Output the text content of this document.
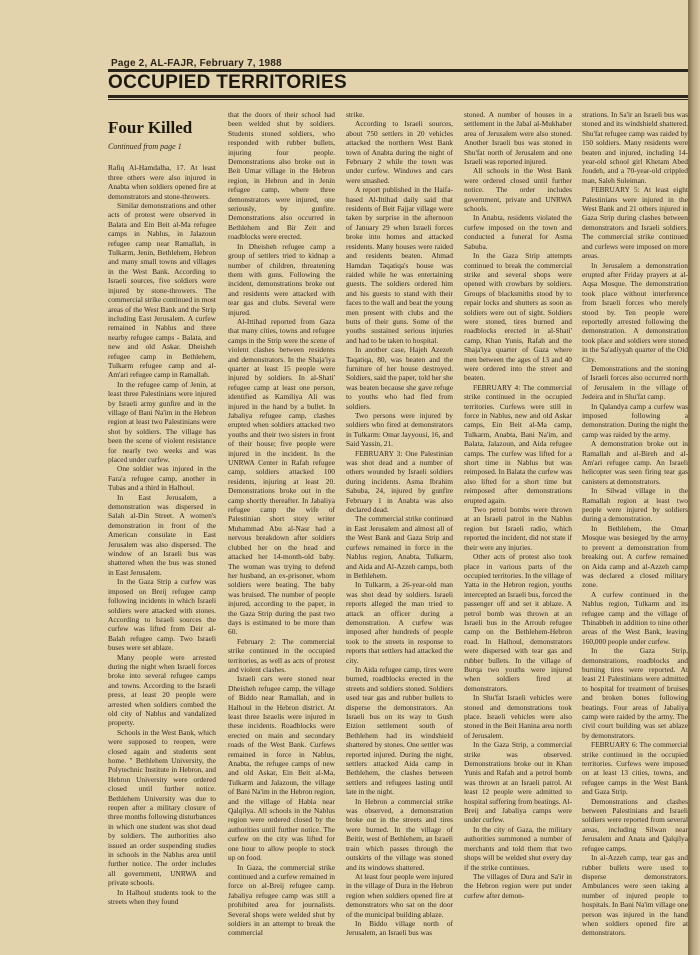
Page 2, AL-FAJR, February 7, 1988
OCCUPIED TERRITORIES
Four Killed
Continued from page 1

Rafiq Al-Hamdalha, 17. At least three others were also injured in Anabta when soldiers opened fire at demonstrators and stone-throwers.

Similar demonstrations and other acts of protest were observed in Balata and Ein Beit al-Ma refugee camps in Nablus, in Jalazoun refugee camp near Ramallah, in Tulkarm, Jenin, Bethlehem, Hebron and many small towns and villages in the West Bank. According to Israeli sources, five soldiers were injured by stone-throwers. The commercial strike continued in most areas of the West Bank and the Strip including East Jerusalem. A curfew remained in Nablus and three nearby refugee camps - Balata, and new and old Askar. Dheisheh refugee camp in Bethlehem, Tulkarm refugee camp and al-Am'ari refugee camp in Ramallah.

In the refugee camp of Jenin, at least three Palestinians were injured by Israeli army gunfire and in the village of Bani Na'im in the Hebron region at least two Palestinians were shot by soldiers. The village has been the scene of violent resistance for nearly two weeks and was placed under curfew.

One soldier was injured in the Fara'a refugee camp, another in Tubas and a third in Halhoul.

In East Jerusalem, a demonstration was dispersed in Salah al-Din Street. A women's demonstration in front of the American consulate in East Jerusalem was also dispersed. The window of an Israeli bus was shattered when the bus was stoned in East Jerusalem.

In the Gaza Strip a curfew was imposed on Breij refugee camp following incidents in which Israeli soldiers were attacked with stones. According to Israeli sources the curfew was lifted from Deir al-Balah refugee camp. Two Israeli buses were set ablaze.

Many people were arrested during the night when Israeli forces broke into several refugee camps and towns. According to the Israeli press, at least 20 people were arrested when soldiers combed the old city of Nablus and vandalized property.

Schools in the West Bank, which were supposed to reopen, were closed again and students sent home. " Bethlehem University, the Polytechnic Institute in Hebron, and Hebron University were ordered closed until further notice. Bethlehem University was due to reopen after a military closure of three months following disturbances in which one student was shot dead by soldiers. The authorities also issued an order suspending studies in schools in the Nablus area until further notice. The order includes all government, UNRWA and private schools.

In Halhoul students took to the streets when they found

that the doors of their school had been welded shut by soldiers. Students stoned soldiers, who responded with rubber bullets, injuring four people. Demonstrations also broke out in Beit Umar village in the Hebron region, in Hebron and in Jenin refugee camp, where three demonstrators were injured, one seriously, by gunfire. Demonstrations also occurred in Bethlehem and Bir Zeit and roadblocks were erected.

In Dheisheh refugee camp a group of settlers tried to kidnap a number of children, threatening them with guns. Following the incident, demonstrations broke out and residents were attacked with tear gas and clubs. Several were injured.

Al-Ittihad reported from Gaza that many cities, towns and refugee camps in the Strip were the scene of violent clashes between residents and demonstrators. In the Shaja'iya quarter at least 15 people were injured by soldiers. In al-Shati' refugee camp at least one person, identified as Kamiliya Ali was injured in the hand by a bullet. In Jabaliya refugee camp, clashes erupted when soldiers attacked two youths and their two sisters in front of their house; five people were injured in the incident. In the UNRWA Center in Rafah refugee camp, soldiers attacked 100 residents, injuring at least 20. Demonstrations broke out in the camp shortly thereafter. In Jabaliya refugee camp the wife of Palestinian short story writer Muhammad Abu al-Nasr had a nervous breakdown after soldiers clubbed her on the head and attacked her 14-month-old baby. The woman was trying to defend her husband, an ex-prisoner, whom soldiers were beating. The baby was bruised. The number of people injured, according to the paper, in the Gaza Strip during the past two days is estimated to be more than 60.

February 2: The commercial strike continued in the occupied territories, as well as acts of protest and violent clashes.

Israeli cars were stoned near Dheisheh refugee camp, the village of Biddo near Ramallah, and in Halhoul in the Hebron district. At least three Israelis were injured in these incidents. Roadblocks were erected on main and secondary roads of the West Bank. Curfews remained in force in Nablus, Anabta, the refugee camps of new and old Askar, Ein Beit al-Ma, Tulkarm and Jalazoun, the village of Bani Na'im in the Hebron region, and the village of Habla near Qalqilya. All schools in the Nablus region were ordered closed by the authorities until further notice. The curfew on the city was lifted for one hour to allow people to stock up on food.

In Gaza, the commercial strike continued and a curfew remained in force on al-Breij refugee camp. Jabaliya refugee camp was still a prohibited area for journalists. Several shops were welded shut by soldiers in an attempt to break the commercial

strike.

According to Israeli sources, about 750 settlers in 20 vehicles attacked the northern West Bank town of Anabta during the night of February 2 while the town was under curfew. Windows and cars were smashed.

A report published in the Haifa-based Al-Ittihad daily said that residents of Beit Fajjar village were taken by surprise in the afternoon of January 29 when Israeli forces broke into homes and attacked residents. Many houses were raided and residents beaten. Ahmad Hamdan Taqatiqa's house was raided while he was entertaining guests. The soldiers ordered him and his guests to stand with their faces to the wall and beat the young men present with clubs and the butts of their guns. Some of the youths sustained serious injuries and had to be taken to hospital.

In another case, Hajeh Azezeh Taqatiqa, 80, was beaten and the furniture of her house destroyed. Soldiers, said the paper, told her she was beaten because she gave refuge to youths who had fled from soldiers.

Two persons were injured by soldiers who fired at demonstrators in Tulkarm: Omar Jayyousi, 16, and Said Yassin, 21.

FEBRUARY 3: One Palestinian was shot dead and a number of others wounded by Israeli soldiers during incidents. Asma Ibrahim Sabuba, 24, injured by gunfire February 1 in Anabta was also declared dead.

The commercial strike continued in East Jerusalem and almost all of the West Bank and Gaza Strip and curfews remained in force in the Nablus region, Anabta, Tulkarm, and Aida and Al-Azzeh camps, both in Bethlehem.

In Tulkarm, a 26-year-old man was shot dead by soldiers. Israeli reports alleged the man tried to attack an officer during a demonstration. A curfew was imposed after hundreds of people took to the streets in response to reports that settlers had attacked the city.

In Aida refugee camp, tires were burned, roadblocks erected in the streets and soldiers stoned. Soldiers used tear gas and rubber bullets to disperse the demonstrators. An Israeli bus on its way to Gush Etzion settlement south of Bethlehem had its windshield shattered by stones. One settler was reported injured. During the night, settlers attacked Aida camp in Bethlehem, the clashes between settlers and refugees lasting until late in the night.

In Hebron a commercial strike was observed, a demonstration broke out in the streets and tires were burned. In the village of Beitir, west of Bethlehem, an Israeli train which passes through the outskirts of the village was stoned and its windows shattered.

At least four people were injured in the village of Dura in the Hebron region when soldiers opened fire at demonstrators who sat on the door of the municipal building ablaze.

In Biddo village north of Jerusalem, an Israeli bus was

stoned. A number of houses in a settlement in the Jabal al-Mukhaber area of Jerusalem were also stoned. Another Israeli bus was stoned in Shu'fat north of Jerusalem and one Israeli was reported injured.

All schools in the West Bank were ordered closed until further notice. The order includes government, private and UNRWA schools.

In Anabta, residents violated the curfew imposed on the town and conducted a funeral for Asma Sabuba.

In the Gaza Strip attempts continued to break the commercial strike and several shops were opened with crowbars by soldiers. Groups of blacksmiths stood by to repair locks and shutters as soon as soldiers were out of sight. Soldiers were stoned, tires burned and roadblocks erected in al-Shati' camp, Khan Yunis, Rafah and the Shaja'iya quarter of Gaza where men between the ages of 13 and 40 were ordered into the street and beaten.

FEBRUARY 4: The commercial strike continued in the occupied territories. Curfews were still in force in Nablus, new and old Askar camps, Ein Beit al-Ma camp, Tulkarm, Anabta, Bani Na'im, and Balata, Jalazoun, and Aida refugee camps. The curfew was lifted for a short time in Nablus but was reimposed. In Balata the curfew was also lifted for a short time but reimposed after demonstrations erupted again.

Two petrol bombs were thrown at an Israeli patrol in the Nablus region but Israeli radio, which reported the incident, did not state if their were any injuries.

Other acts of protest also took place in various parts of the occupied territories. In the village of Yatta in the Hebron region, youths intercepted an Israeli bus, forced the passenger off and set it ablaze. A petrol bomb was thrown at an Israeli bus in the Arroub refugee camp on the Bethlehem-Hebron road. In Halhoul, demonstrators were dispersed with tear gas and rubber bullets. In the village of Burqa two youths were injured when soldiers fired at demonstrators.

In Shu'fat Israeli vehicles were stoned and demonstrations took place. Israeli vehicles were also stoned in the Beit Hanina area north of Jerusalem.

In the Gaza Strip, a commercial strike was observed. Demonstrations broke out in Khan Yunis and Rafah and a petrol bomb was thrown at an Israeli patrol. At least 12 people were admitted to hospital suffering from beatings. Al-Breij and Jabaliya camps were under curfew.

In the city of Gaza, the military authorities summoned a number of merchants and told them that two shops will be welded shut every day if the strike continues.

The villages of Dura and Sa'ir in the Hebron region were put under curfew after demon-

strations. In Sa'ir an Israeli bus was stoned and its windshield shattered. Shu'fat refugee camp was raided by 150 soldiers. Many residents were beaten and injured, including 14-year-old school girl Khetam Abed Joudeh, and a 70-year-old crippled man, Saleh Suleiman.

FEBRUARY 5: At least eight Palestinians were injured in the West Bank and 21 others injured in Gaza Strip during clashes between demonstrators and Israeli soldiers. The commercial strike continued and curfews were imposed on more areas.

In Jerusalem a demonstration erupted after Friday prayers at al-Aqsa Mosque. The demonstration took place without interference from Israeli forces who merely stood by. Ten people were reportedly arrested following the demonstration. A demonstration took place and soldiers were stoned in the Sa'adiyyah quarter of the Old City.

Demonstrations and the stoning of Israeli forces also occurred north of Jerusalem in the village of Jedeira and in Shu'fat camp.

In Qalandya camp a curfew was imposed following a demonstration. During the night the camp was raided by the army.

A demonstration broke out in Ramallah and al-Bireh and al-Am'ari refugee camp. An Israeli helicopter was seen firing tear gas canisters at demonstrators.

In Silwad village in the Ramallah region at least two people were injured by soldiers during a demonstration.

In Bethlehem, the Omar Mosque was besieged by the army to prevent a demonstration from breaking out. A curfew remained on Aida camp and al-Azzeh camp was declared a closed military zone.

A curfew continued in the Nablus region, Tulkarm and its refugee camp and the village of Thinabbeh in addition to nine other areas of the West Bank, leaving 160,000 people under curfew.

In the Gaza Strip, demonstrations, roadblocks and burning tires were reported. At least 21 Palestinians were admitted to hospital for treatment of bruises and broken bones following beatings. Four areas of Jabaliya camp were raided by the army. The civil court building was set ablaze by demonstrators.

FEBRUARY 6: The commercial strike continued in the occupied territories. Curfews were imposed on at least 13 cities, towns, and refugee camps in the West Bank and Gaza Strip.

Demonstrations and clashes between Palestinians and Israeli soldiers were reported from several areas, including Silwan near Jerusalem and Anata and Qalqilya refugee camps.

In al-Azzeh camp, tear gas and rubber bullets were used to disperse demonstrators. Ambulances were seen taking a number of injured people to hospitals. In Bani Na'im village one person was injured in the hand when soldiers opened fire at demonstrators.
